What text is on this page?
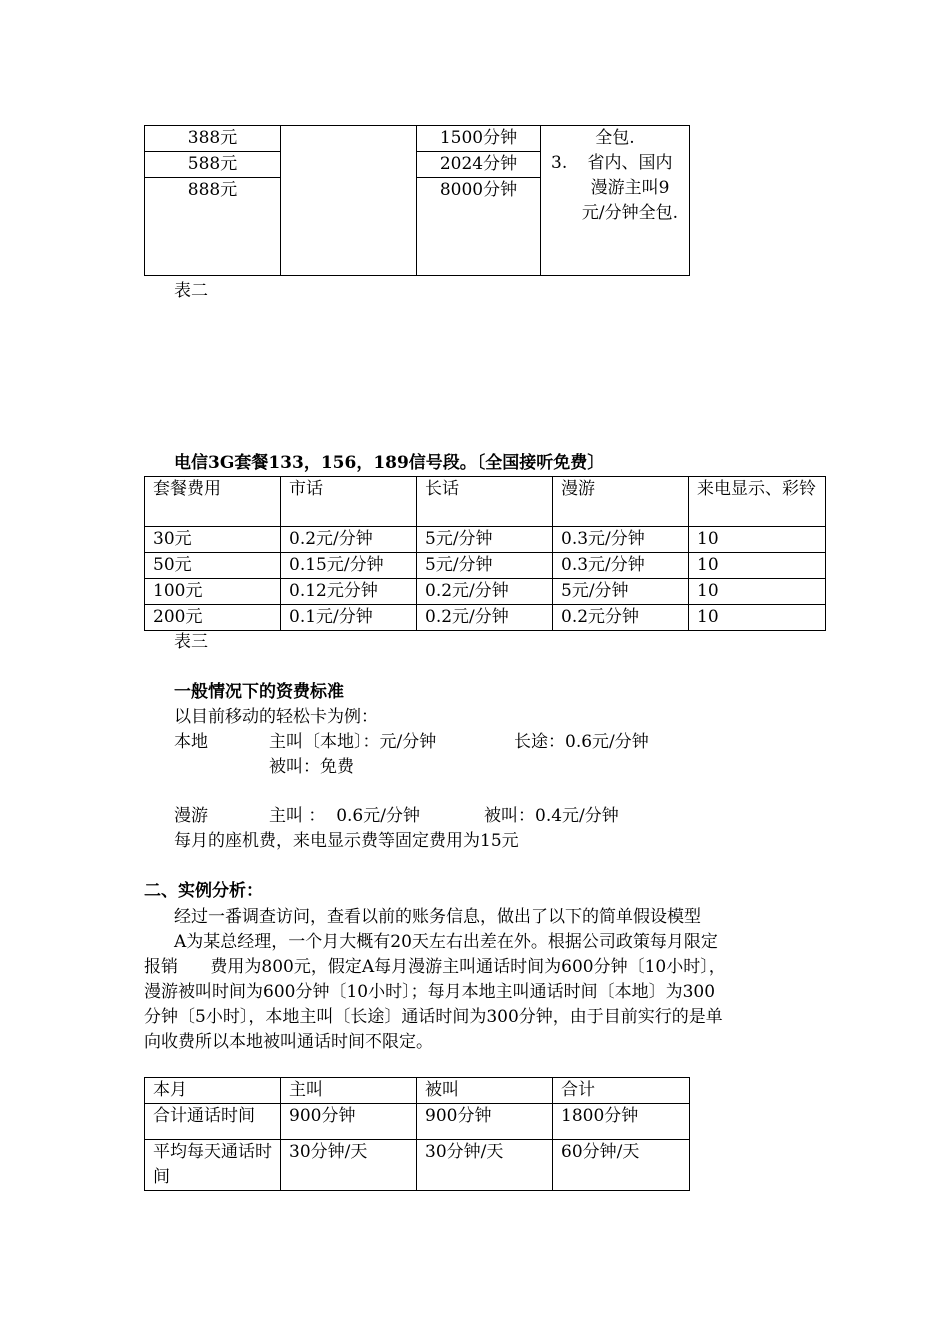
388元		1500分钟	全包.
3. 省内、国内漫游主叫9元/分钟全包.

588元		2024分钟	
888元		8000分钟	
表二
电信3G套餐133，156，189信号段。〔全国接听免费〕
套餐费用	市话	长话	漫游	来电显示、彩铃
30元	0.2元/分钟	5元/分钟	0.3元/分钟	10
50元	0.15元/分钟	5元/分钟	0.3元/分钟	10
100元	0.12元分钟	0.2元/分钟	5元/分钟	10
200元	0.1元/分钟	0.2元/分钟	0.2元分钟	10
表三
一般情况下的资费标准
以目前移动的轻松卡为例：
本地	主叫〔本地〕：元/分钟	长途：0.6元/分钟
被叫：免费
漫游	主叫 ：  0.6元/分钟	被叫：0.4元/分钟
每月的座机费，来电显示费等固定费用为15元
二、实例分析：
经过一番调查访问，查看以前的账务信息，做出了以下的简单假设模型
A为某总经理，一个月大概有20天左右出差在外。根据公司政策每月限定
报销      费用为800元，假定A每月漫游主叫通话时间为600分钟〔10小时〕，
漫游被叫时间为600分钟〔10小时〕；每月本地主叫通话时间〔本地〕为300
分钟〔5小时〕，本地主叫〔长途〕通话时间为300分钟，由于目前实行的是单
向收费所以本地被叫通话时间不限定。
本月	主叫	被叫	合计
合计通话时间	900分钟	900分钟	1800分钟
平均每天通话时间	30分钟/天	30分钟/天	60分钟/天
